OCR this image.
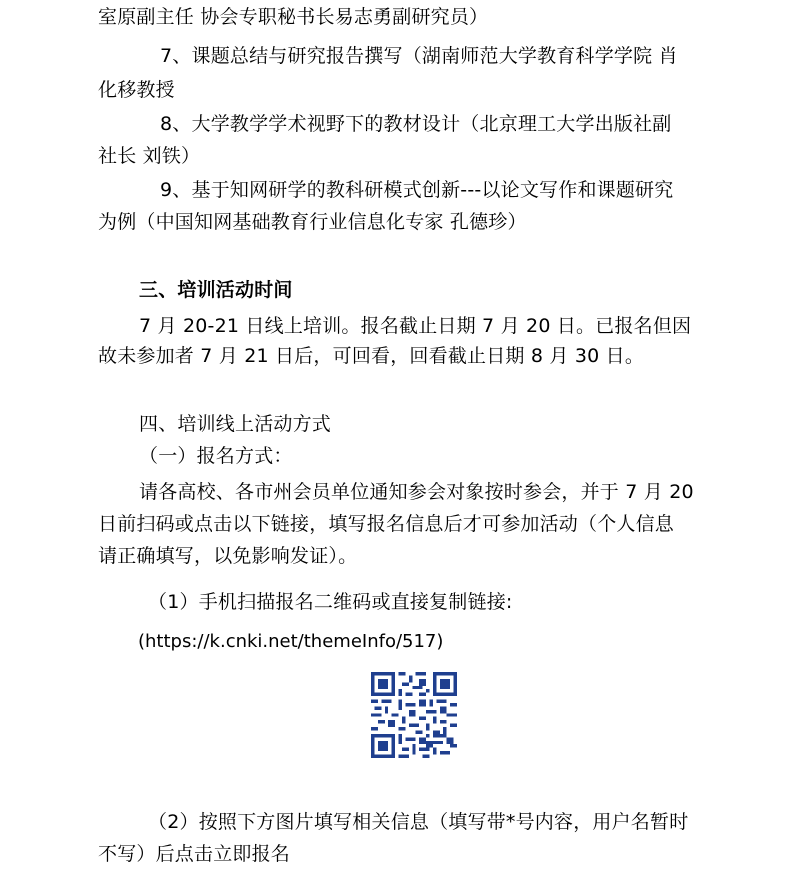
室原副主任 协会专职秘书长易志勇副研究员）
7、课题总结与研究报告撰写（湖南师范大学教育科学学院 肖
化移教授
8、大学教学学术视野下的教材设计（北京理工大学出版社副
社长 刘铁）
9、基于知网研学的教科研模式创新---以论文写作和课题研究
为例（中国知网基础教育行业信息化专家 孔德珍）
三、培训活动时间
7 月 20-21 日线上培训。报名截止日期 7 月 20 日。已报名但因
故未参加者 7 月 21 日后，可回看，回看截止日期 8 月 30 日。
四、培训线上活动方式
（一）报名方式：
请各高校、各市州会员单位通知参会对象按时参会，并于 7 月 20
日前扫码或点击以下链接，填写报名信息后才可参加活动（个人信息
请正确填写，以免影响发证）。
（1）手机扫描报名二维码或直接复制链接:
(https://k.cnki.net/themeInfo/517)
（2）按照下方图片填写相关信息（填写带*号内容，用户名暂时
不写）后点击立即报名
